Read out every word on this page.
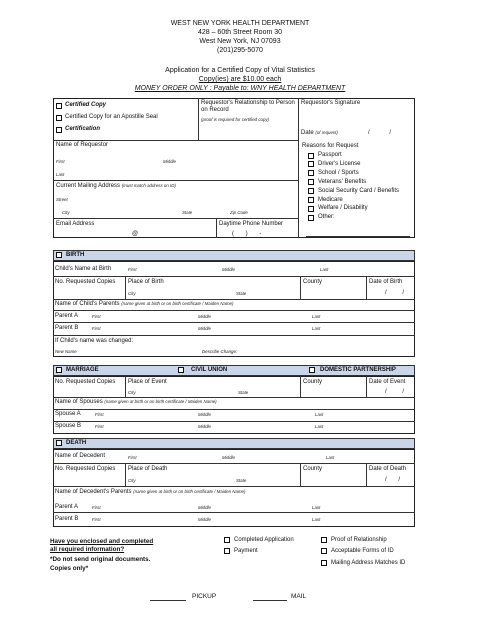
WEST NEW YORK HEALTH DEPARTMENT
428 – 60th Street Room 30
West New York, NJ 07093
(201)295-5070
Application for a Certified Copy of Vital Statistics
Copy(ies) are $10.00 each
MONEY ORDER ONLY : Payable to: WNY HEALTH DEPARTMENT
Certified Copy
Certified Copy for an Apostille Seal
Certification
Requestor's Relationship to Person on Record
(proof is required for certified copy)
Requestor's Signature
Date (of request)	/ /
Name of Requestor
First	Middle
Last
Current Mailing Address (must match address on ID)
Street
City	State	Zip Code
Email Address
@
Daytime Phone Number
( ) -
Reasons for Request
Passport
Driver's License
School / Sports
Veterans' Benefits
Social Security Card / Benefits
Medicare
Welfare / Disability
Other:
BIRTH
Child's Name at Birth	First	Middle	Last
No. Requested Copies Place of Birth
City	State
County	Date of Birth
/ /
Name of Child's Parents (name given at birth or on birth certificate / Maiden Name)
Parent A	First	Middle	Last
Parent B	First	Middle	Last
If Child's name was changed:
New Name	Describe Change:
MARRIAGE	CIVIL UNION	DOMESTIC PARTNERSHIP
No. Requested Copies Place of Event
City	State
County	Date of Event
/ /
Name of Spouses (name given at birth or on birth certificate / Maiden Name)
Spouse A	First	Middle	Last
Spouse B	First	Middle	Last
DEATH
Name of Decedent	First	Middle	Last
No. Requested Copies Place of Death
City	State
County	Date of Death
/ /
Name of Decedent's Parents (name given at birth or on birth certificate / Maiden Name)
Parent A	First	Middle	Last
Parent B	First	Middle	Last
Have you enclosed and completed
all required information?
*Do not send original documents.
Copies only*
Completed Application
Payment
Proof of Relationship
Acceptable Forms of ID
Mailing Address Matches ID
PICKUP	MAIL
